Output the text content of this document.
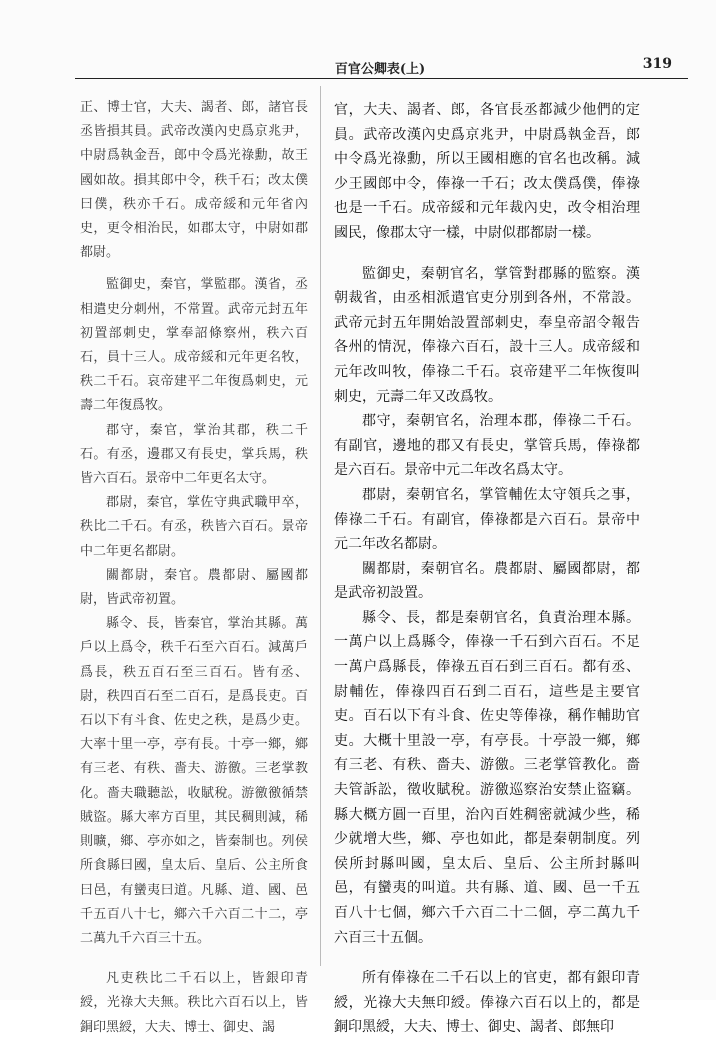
百官公卿表(上)	319

正、博士官，大夫、謁者、郎，諸官長丞皆損其員。武帝改漢內史爲京兆尹，中尉爲執金吾，郎中令爲光祿勳，故王國如故。損其郎中令，秩千石；改太僕曰僕，秩亦千石。成帝綏和元年省內史，更令相治民，如郡太守，中尉如郡都尉。

監御史，秦官，掌監郡。漢省，丞相遣史分刺州，不常置。武帝元封五年初置部刺史，掌奉詔條察州，秩六百石，員十三人。成帝綏和元年更名牧，秩二千石。哀帝建平二年復爲刺史，元壽二年復爲牧。

郡守，秦官，掌治其郡，秩二千石。有丞，邊郡又有長史，掌兵馬，秩皆六百石。景帝中二年更名太守。

郡尉，秦官，掌佐守典武職甲卒，秩比二千石。有丞，秩皆六百石。景帝中二年更名都尉。

關都尉，秦官。農都尉、屬國都尉，皆武帝初置。

縣令、長，皆秦官，掌治其縣。萬戶以上爲令，秩千石至六百石。減萬戶爲長，秩五百石至三百石。皆有丞、尉，秩四百石至二百石，是爲長吏。百石以下有斗食、佐史之秩，是爲少吏。大率十里一亭，亭有長。十亭一鄉，鄉有三老、有秩、嗇夫、游徼。三老掌教化。嗇夫職聽訟，收賦稅。游徼徼循禁賊盜。縣大率方百里，其民稠則減，稀則曠，鄉、亭亦如之，皆秦制也。列侯所食縣曰國，皇太后、皇后、公主所食曰邑，有蠻夷曰道。凡縣、道、國、邑千五百八十七，鄉六千六百二十二，亭二萬九千六百三十五。

凡吏秩比二千石以上，皆銀印青綬，光祿大夫無。秩比六百石以上，皆銅印黑綬，大夫、博士、御史、謁

官，大夫、謁者、郎，各官長丞都減少他們的定員。武帝改漢內史爲京兆尹，中尉爲執金吾，郎中令爲光祿勳，所以王國相應的官名也改稱。減少王國郎中令，俸祿一千石；改太僕爲僕，俸祿也是一千石。成帝綏和元年裁內史，改令相治理國民，像郡太守一樣，中尉似郡都尉一樣。

監御史，秦朝官名，掌管對郡縣的監察。漢朝裁省，由丞相派遣官吏分別到各州，不常設。武帝元封五年開始設置部刺史，奉皇帝詔令報告各州的情況，俸祿六百石，設十三人。成帝綏和元年改叫牧，俸祿二千石。哀帝建平二年恢復叫刺史，元壽二年又改爲牧。

郡守，秦朝官名，治理本郡，俸祿二千石。有副官，邊地的郡又有長史，掌管兵馬，俸祿都是六百石。景帝中元二年改名爲太守。

郡尉，秦朝官名，掌管輔佐太守領兵之事，俸祿二千石。有副官，俸祿都是六百石。景帝中元二年改名都尉。

關都尉，秦朝官名。農都尉、屬國都尉，都是武帝初設置。

縣令、長，都是秦朝官名，負責治理本縣。一萬户以上爲縣令，俸祿一千石到六百石。不足一萬户爲縣長，俸祿五百石到三百石。都有丞、尉輔佐，俸祿四百石到二百石，這些是主要官吏。百石以下有斗食、佐史等俸祿，稱作輔助官吏。大概十里設一亭，有亭長。十亭設一鄉，鄉有三老、有秩、嗇夫、游徼。三老掌管教化。嗇夫管訴訟，徵收賦稅。游徼巡察治安禁止盜竊。縣大概方圓一百里，治內百姓稠密就減少些，稀少就增大些，鄉、亭也如此，都是秦朝制度。列侯所封縣叫國，皇太后、皇后、公主所封縣叫邑，有蠻夷的叫道。共有縣、道、國、邑一千五百八十七個，鄉六千六百二十二個，亭二萬九千六百三十五個。

所有俸祿在二千石以上的官吏，都有銀印青綬，光祿大夫無印綬。俸祿六百石以上的，都是銅印黑綬，大夫、博士、御史、謁者、郎無印
